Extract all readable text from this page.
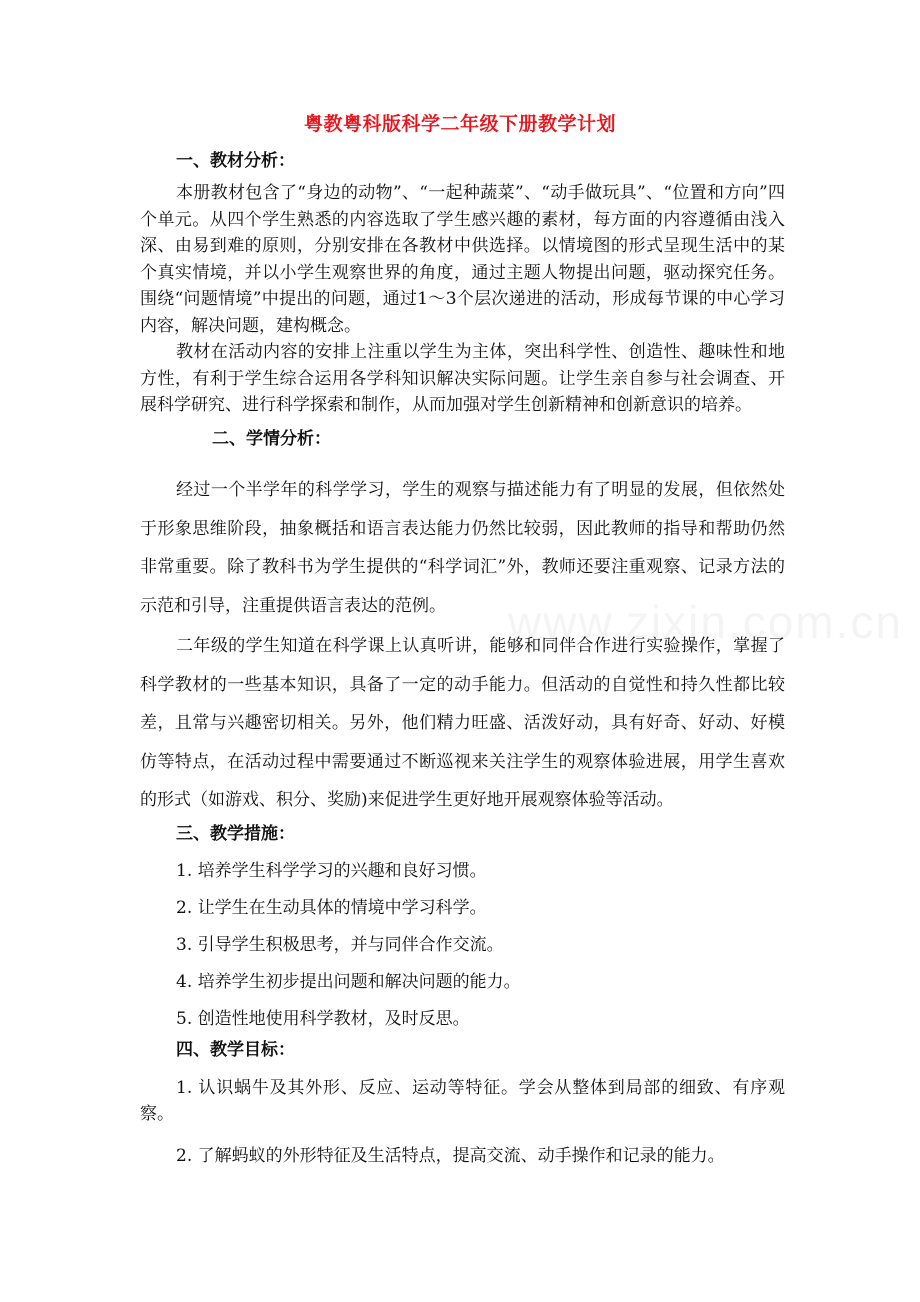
www.zixin.com.cn
粤教粤科版科学二年级下册教学计划

一、教材分析：

本册教材包含了“身边的动物”、“一起种蔬菜”、“动手做玩具”、“位置和方向”四个单元。从四个学生熟悉的内容选取了学生感兴趣的素材，每方面的内容遵循由浅入深、由易到难的原则，分别安排在各教材中供选择。以情境图的形式呈现生活中的某个真实情境，并以小学生观察世界的角度，通过主题人物提出问题，驱动探究任务。围绕“问题情境”中提出的问题，通过1～3个层次递进的活动，形成每节课的中心学习内容，解决问题，建构概念。

教材在活动内容的安排上注重以学生为主体，突出科学性、创造性、趣味性和地方性，有利于学生综合运用各学科知识解决实际问题。让学生亲自参与社会调查、开展科学研究、进行科学探索和制作，从而加强对学生创新精神和创新意识的培养。

二、学情分析：

经过一个半学年的科学学习，学生的观察与描述能力有了明显的发展，但依然处于形象思维阶段，抽象概括和语言表达能力仍然比较弱，因此教师的指导和帮助仍然非常重要。除了教科书为学生提供的“科学词汇”外，教师还要注重观察、记录方法的示范和引导，注重提供语言表达的范例。

二年级的学生知道在科学课上认真听讲，能够和同伴合作进行实验操作，掌握了科学教材的一些基本知识，具备了一定的动手能力。但活动的自觉性和持久性都比较差，且常与兴趣密切相关。另外，他们精力旺盛、活泼好动，具有好奇、好动、好模仿等特点，在活动过程中需要通过不断巡视来关注学生的观察体验进展，用学生喜欢的形式（如游戏、积分、奖励)来促进学生更好地开展观察体验等活动。

三、教学措施：

1. 培养学生科学学习的兴趣和良好习惯。

2. 让学生在生动具体的情境中学习科学。

3. 引导学生积极思考，并与同伴合作交流。

4. 培养学生初步提出问题和解决问题的能力。

5. 创造性地使用科学教材，及时反思。

四、教学目标：

1. 认识蜗牛及其外形、反应、运动等特征。学会从整体到局部的细致、有序观察。

2. 了解蚂蚁的外形特征及生活特点，提高交流、动手操作和记录的能力。
